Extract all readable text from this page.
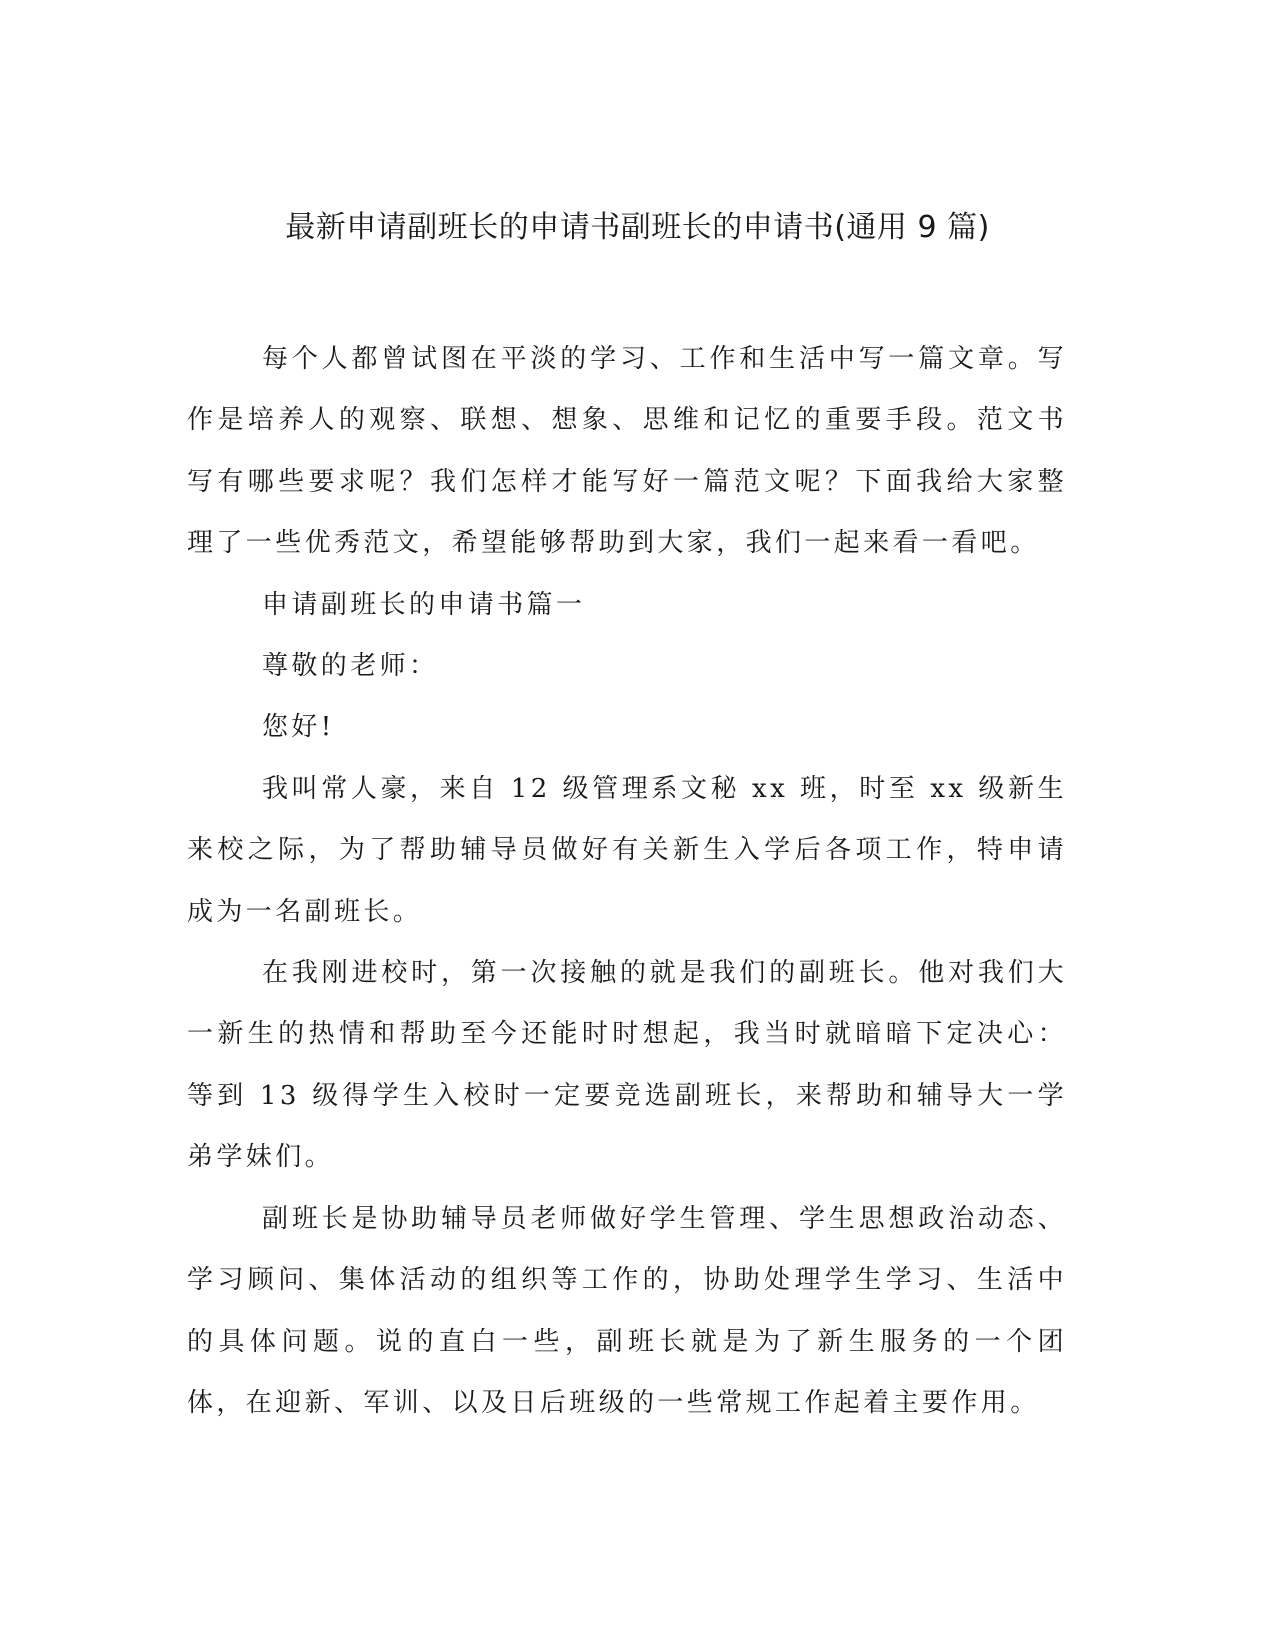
最新申请副班长的申请书副班长的申请书(通用 9 篇)

每个人都曾试图在平淡的学习、工作和生活中写一篇文章。写作是培养人的观察、联想、想象、思维和记忆的重要手段。范文书写有哪些要求呢？我们怎样才能写好一篇范文呢？下面我给大家整理了一些优秀范文，希望能够帮助到大家，我们一起来看一看吧。

申请副班长的申请书篇一

尊敬的老师：

您好!

我叫常人豪，来自 12 级管理系文秘 xx 班，时至 xx 级新生来校之际，为了帮助辅导员做好有关新生入学后各项工作，特申请成为一名副班长。

在我刚进校时，第一次接触的就是我们的副班长。他对我们大一新生的热情和帮助至今还能时时想起，我当时就暗暗下定决心：等到 13 级得学生入校时一定要竞选副班长，来帮助和辅导大一学弟学妹们。

副班长是协助辅导员老师做好学生管理、学生思想政治动态、学习顾问、集体活动的组织等工作的，协助处理学生学习、生活中的具体问题。说的直白一些，副班长就是为了新生服务的一个团体，在迎新、军训、以及日后班级的一些常规工作起着主要作用。
